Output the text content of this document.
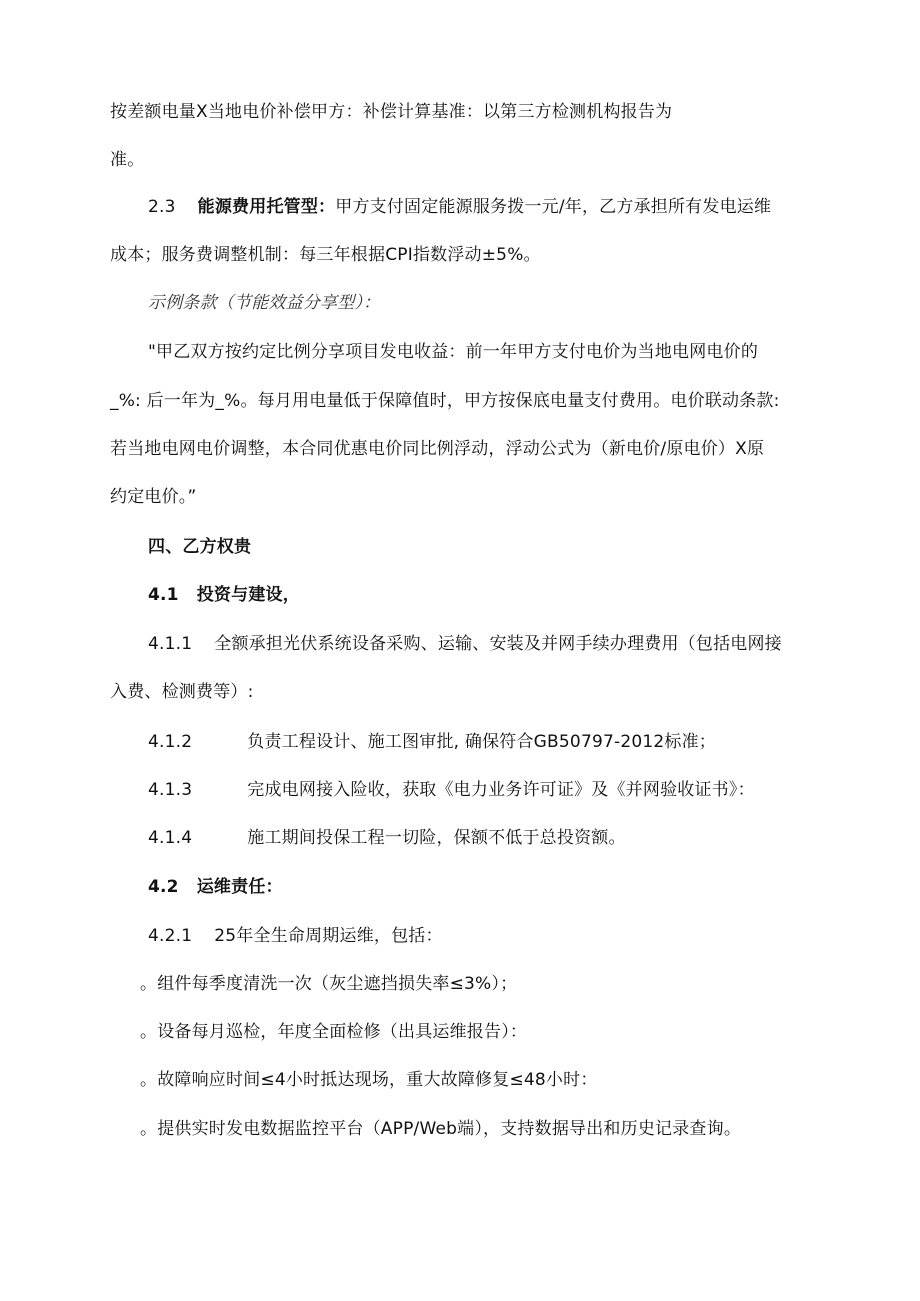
按差额电量X当地电价补偿甲方：补偿计算基准：以第三方检测机构报告为
准。
2.3 能源费用托管型：甲方支付固定能源服务拨一元/年，乙方承担所有发电运维
成本；服务费调整机制：每三年根据CPI指数浮动±5%。
示例条款（节能效益分享型）：
"甲乙双方按约定比例分享项目发电收益：前一年甲方支付电价为当地电网电价的
_%: 后一年为_%。每月用电量低于保障值时，甲方按保底电量支付费用。电价联动条款:
若当地电网电价调整，本合同优惠电价同比例浮动，浮动公式为（新电价/原电价）X原
约定电价。”
四、乙方权贵
4.1 投资与建设，
4.1.1 全额承担光伏系统设备采购、运输、安装及并网手续办理费用（包括电网接
入费、检测费等）:
4.1.2	负责工程设计、施工图审批, 确保符合GB50797-2012标准；
4.1.3	完成电网接入险收，获取《电力业务许可证》及《并网验收证书》：
4.1.4	施工期间投保工程一切险，保额不低于总投资额。
4.2 运维责任：
4.2.1 25年全生命周期运维，包括：
。组件每季度清洗一次（灰尘遮挡损失率≤3%）；
。设备每月巡检，年度全面检修（出具运维报告）：
。故障响应时间≤4小时抵达现场，重大故障修复≤48小时：
。提供实时发电数据监控平台（APP/Web端），支持数据导出和历史记录查询。
